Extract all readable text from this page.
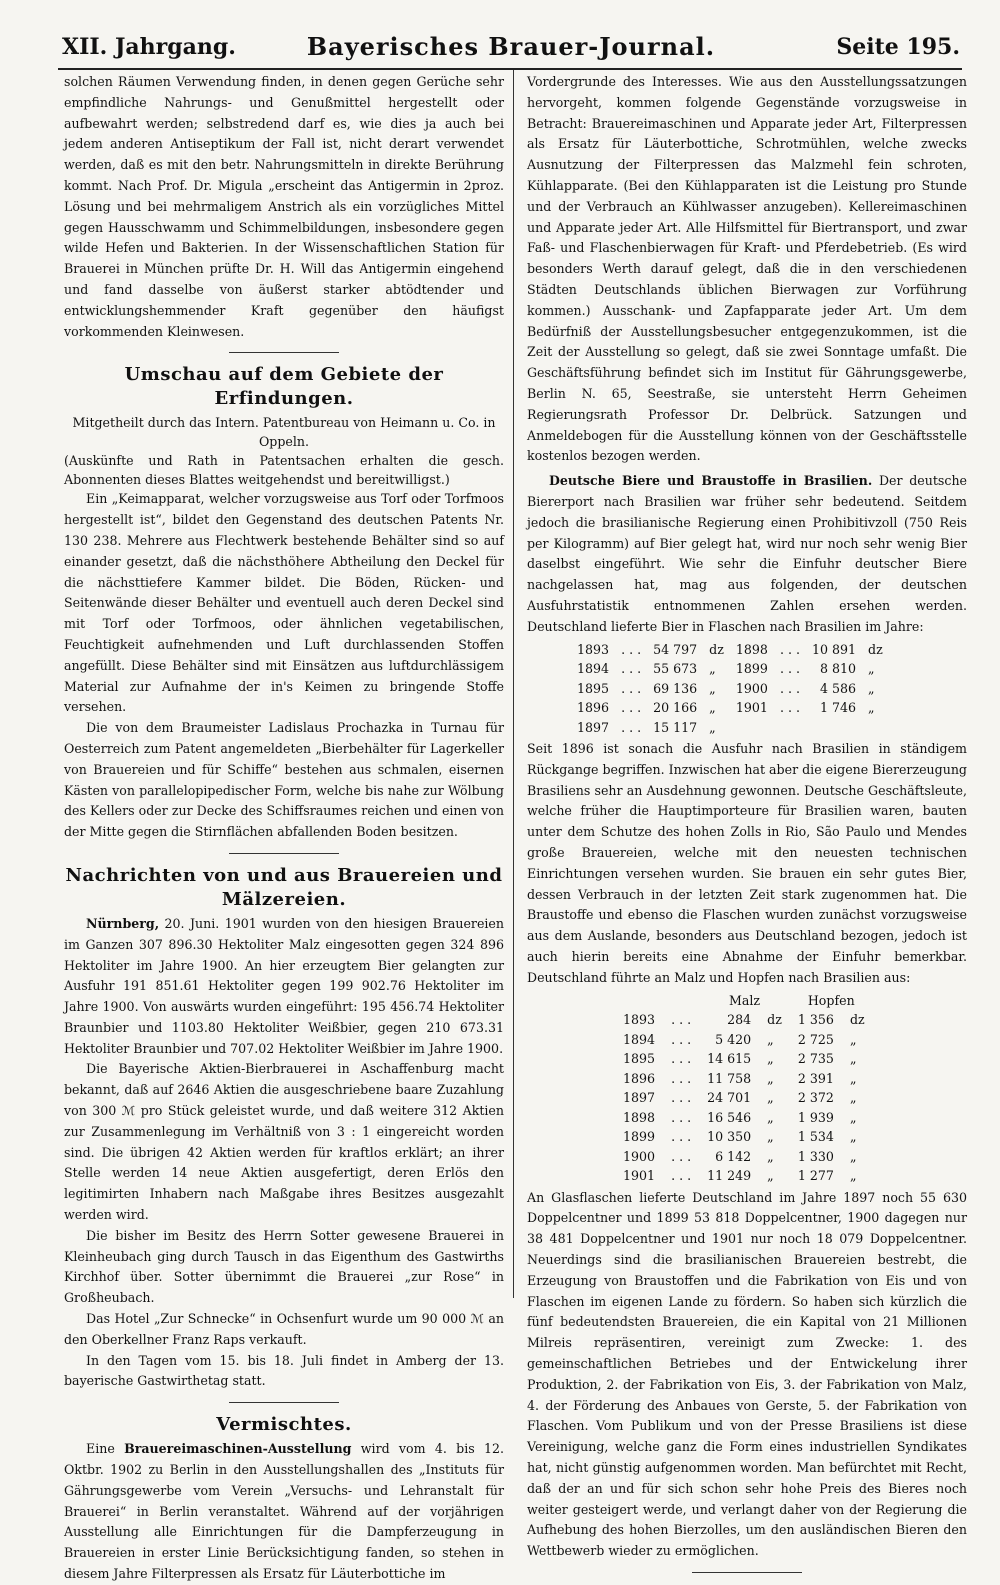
XII. Jahrgang.	Bayerisches Brauer-Journal.	Seite 195.

solchen Räumen Verwendung finden, in denen gegen Gerüche sehr empfindliche Nahrungs- und Genußmittel hergestellt oder aufbewahrt werden; selbstredend darf es, wie dies ja auch bei jedem anderen Antiseptikum der Fall ist, nicht derart verwendet werden, daß es mit den betr. Nahrungsmitteln in direkte Berührung kommt. Nach Prof. Dr. Migula „erscheint das Antigermin in 2proz. Lösung und bei mehrmaligem Anstrich als ein vorzügliches Mittel gegen Hausschwamm und Schimmelbildungen, insbesondere gegen wilde Hefen und Bakterien. In der Wissenschaftlichen Station für Brauerei in München prüfte Dr. H. Will das Antigermin eingehend und fand dasselbe von äußerst starker abtödtender und entwicklungshemmender Kraft gegenüber den häufigst vorkommenden Kleinwesen.

Umschau auf dem Gebiete der Erfindungen.
Mitgetheilt durch das Intern. Patentbureau von Heimann u. Co. in Oppeln.
(Auskünfte und Rath in Patentsachen erhalten die gesch. Abonnenten dieses Blattes weitgehendst und bereitwilligst.)

Ein „Keimapparat, welcher vorzugsweise aus Torf oder Torfmoos hergestellt ist“, bildet den Gegenstand des deutschen Patents Nr. 130 238. Mehrere aus Flechtwerk bestehende Behälter sind so auf einander gesetzt, daß die nächsthöhere Abtheilung den Deckel für die nächsttiefere Kammer bildet. Die Böden, Rücken- und Seitenwände dieser Behälter und eventuell auch deren Deckel sind mit Torf oder Torfmoos, oder ähnlichen vegetabilischen, Feuchtigkeit aufnehmenden und Luft durchlassenden Stoffen angefüllt. Diese Behälter sind mit Einsätzen aus luftdurchlässigem Material zur Aufnahme der in's Keimen zu bringende Stoffe versehen.

Die von dem Braumeister Ladislaus Prochazka in Turnau für Oesterreich zum Patent angemeldeten „Bierbehälter für Lagerkeller von Brauereien und für Schiffe“ bestehen aus schmalen, eisernen Kästen von parallelopipedischer Form, welche bis nahe zur Wölbung des Kellers oder zur Decke des Schiffsraumes reichen und einen von der Mitte gegen die Stirnflächen abfallenden Boden besitzen.

Nachrichten von und aus Brauereien und Mälzereien.

Nürnberg, 20. Juni. 1901 wurden von den hiesigen Brauereien im Ganzen 307 896.30 Hektoliter Malz eingesotten gegen 324 896 Hektoliter im Jahre 1900. An hier erzeugtem Bier gelangten zur Ausfuhr 191 851.61 Hektoliter gegen 199 902.76 Hektoliter im Jahre 1900. Von auswärts wurden eingeführt: 195 456.74 Hektoliter Braunbier und 1103.80 Hektoliter Weißbier, gegen 210 673.31 Hektoliter Braunbier und 707.02 Hektoliter Weißbier im Jahre 1900.

Die Bayerische Aktien-Bierbrauerei in Aschaffenburg macht bekannt, daß auf 2646 Aktien die ausgeschriebene baare Zuzahlung von 300 ℳ pro Stück geleistet wurde, und daß weitere 312 Aktien zur Zusammenlegung im Verhältniß von 3 : 1 eingereicht worden sind. Die übrigen 42 Aktien werden für kraftlos erklärt; an ihrer Stelle werden 14 neue Aktien ausgefertigt, deren Erlös den legitimirten Inhabern nach Maßgabe ihres Besitzes ausgezahlt werden wird.

Die bisher im Besitz des Herrn Sotter gewesene Brauerei in Kleinheubach ging durch Tausch in das Eigenthum des Gastwirths Kirchhof über. Sotter übernimmt die Brauerei „zur Rose“ in Großheubach.

Das Hotel „Zur Schnecke“ in Ochsenfurt wurde um 90 000 ℳ an den Oberkellner Franz Raps verkauft.

In den Tagen vom 15. bis 18. Juli findet in Amberg der 13. bayerische Gastwirthetag statt.

Vermischtes.

Eine Brauereimaschinen-Ausstellung wird vom 4. bis 12. Oktbr. 1902 zu Berlin in den Ausstellungshallen des „Instituts für Gährungsgewerbe vom Verein „Versuchs- und Lehranstalt für Brauerei“ in Berlin veranstaltet. Während auf der vorjährigen Ausstellung alle Einrichtungen für die Dampferzeugung in Brauereien in erster Linie Berücksichtigung fanden, so stehen in diesem Jahre Filterpressen als Ersatz für Läuterbottiche im

Vordergrunde des Interesses. Wie aus den Ausstellungssatzungen hervorgeht, kommen folgende Gegenstände vorzugsweise in Betracht: Brauereimaschinen und Apparate jeder Art, Filterpressen als Ersatz für Läuterbottiche, Schrotmühlen, welche zwecks Ausnutzung der Filterpressen das Malzmehl fein schroten, Kühlapparate. (Bei den Kühlapparaten ist die Leistung pro Stunde und der Verbrauch an Kühlwasser anzugeben). Kellereimaschinen und Apparate jeder Art. Alle Hilfsmittel für Biertransport, und zwar Faß- und Flaschenbierwagen für Kraft- und Pferdebetrieb. (Es wird besonders Werth darauf gelegt, daß die in den verschiedenen Städten Deutschlands üblichen Bierwagen zur Vorführung kommen.) Ausschank- und Zapfapparate jeder Art. Um dem Bedürfniß der Ausstellungsbesucher entgegenzukommen, ist die Zeit der Ausstellung so gelegt, daß sie zwei Sonntage umfaßt. Die Geschäftsführung befindet sich im Institut für Gährungsgewerbe, Berlin N. 65, Seestraße, sie untersteht Herrn Geheimen Regierungsrath Professor Dr. Delbrück. Satzungen und Anmeldebogen für die Ausstellung können von der Geschäftsstelle kostenlos bezogen werden.

Deutsche Biere und Braustoffe in Brasilien. Der deutsche Biererport nach Brasilien war früher sehr bedeutend. Seitdem jedoch die brasilianische Regierung einen Prohibitivzoll (750 Reis per Kilogramm) auf Bier gelegt hat, wird nur noch sehr wenig Bier daselbst eingeführt. Wie sehr die Einfuhr deutscher Biere nachgelassen hat, mag aus folgenden, der deutschen Ausfuhrstatistik entnommenen Zahlen ersehen werden. Deutschland lieferte Bier in Flaschen nach Brasilien im Jahre:

1893	. . .	54 797	dz	1898	. . .	10 891	dz
1894	. . .	55 673	„	1899	. . .	8 810	„
1895	. . .	69 136	„	1900	. . .	4 586	„
1896	. . .	20 166	„	1901	. . .	1 746	„
1897	. . .	15 117	„				

Seit 1896 ist sonach die Ausfuhr nach Brasilien in ständigem Rückgange begriffen. Inzwischen hat aber die eigene Biererzeugung Brasiliens sehr an Ausdehnung gewonnen. Deutsche Geschäftsleute, welche früher die Hauptimporteure für Brasilien waren, bauten unter dem Schutze des hohen Zolls in Rio, São Paulo und Mendes große Brauereien, welche mit den neuesten technischen Einrichtungen versehen wurden. Sie brauen ein sehr gutes Bier, dessen Verbrauch in der letzten Zeit stark zugenommen hat. Die Braustoffe und ebenso die Flaschen wurden zunächst vorzugsweise aus dem Auslande, besonders aus Deutschland bezogen, jedoch ist auch hierin bereits eine Abnahme der Einfuhr bemerkbar. Deutschland führte an Malz und Hopfen nach Brasilien aus:

		Malz		Hopfen	
1893	. . .	284	dz	1 356	dz
1894	. . .	5 420	„	2 725	„
1895	. . .	14 615	„	2 735	„
1896	. . .	11 758	„	2 391	„
1897	. . .	24 701	„	2 372	„
1898	. . .	16 546	„	1 939	„
1899	. . .	10 350	„	1 534	„
1900	. . .	6 142	„	1 330	„
1901	. . .	11 249	„	1 277	„

An Glasflaschen lieferte Deutschland im Jahre 1897 noch 55 630 Doppelcentner und 1899 53 818 Doppelcentner, 1900 dagegen nur 38 481 Doppelcentner und 1901 nur noch 18 079 Doppelcentner. Neuerdings sind die brasilianischen Brauereien bestrebt, die Erzeugung von Braustoffen und die Fabrikation von Eis und von Flaschen im eigenen Lande zu fördern. So haben sich kürzlich die fünf bedeutendsten Brauereien, die ein Kapital von 21 Millionen Milreis repräsentiren, vereinigt zum Zwecke: 1. des gemeinschaftlichen Betriebes und der Entwickelung ihrer Produktion, 2. der Fabrikation von Eis, 3. der Fabrikation von Malz, 4. der Förderung des Anbaues von Gerste, 5. der Fabrikation von Flaschen. Vom Publikum und von der Presse Brasiliens ist diese Vereinigung, welche ganz die Form eines industriellen Syndikates hat, nicht günstig aufgenommen worden. Man befürchtet mit Recht, daß der an und für sich schon sehr hohe Preis des Bieres noch weiter gesteigert werde, und verlangt daher von der Regierung die Aufhebung des hohen Bierzolles, um den ausländischen Bieren den Wettbewerb wieder zu ermöglichen.
